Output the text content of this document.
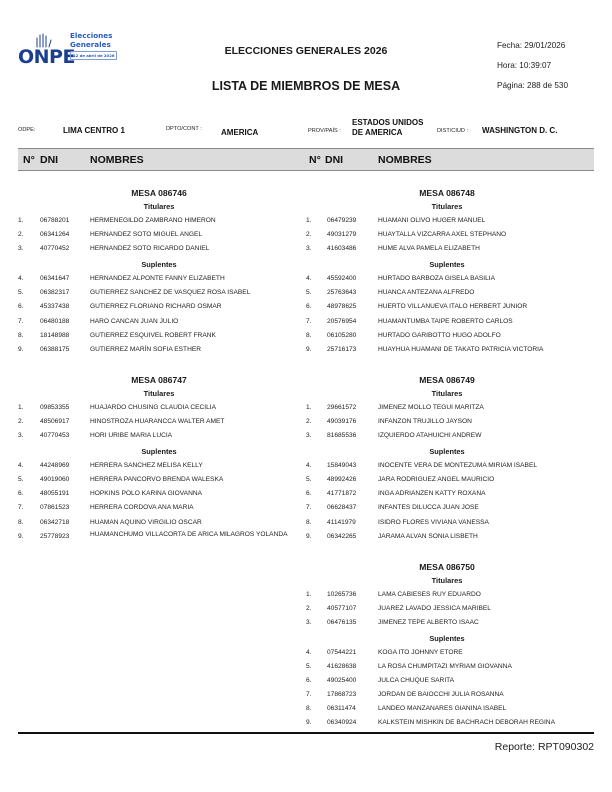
ONPE
Elecciones
Generales
12 de abril de 2026	ELECCIONES GENERALES 2026
LISTA DE MIEMBROS DE MESA
Fecha: 29/01/2026
Hora: 10:39:07
Página: 288 de 530
ODPE:	LIMA CENTRO 1	DPTO/CONT : AMERICA	PROV/PAÍS :
ESTADOS UNIDOS
DE AMERICA	DIST/CIUD : WASHINGTON D. C.
N° DNI	NOMBRES	N° DNI	NOMBRES
MESA 086746
Titulares
1.	06788201	HERMENEGILDO ZAMBRANO HIMERON
2.	06341264	HERNANDEZ SOTO MIGUEL ANGEL
3.	40770452	HERNANDEZ SOTO RICARDO DANIEL
Suplentes
4.	06341647	HERNANDEZ ALPONTE FANNY ELIZABETH
5.	06382317	GUTIERREZ SANCHEZ DE VASQUEZ ROSA ISABEL
6.	45337438	GUTIERREZ FLORIANO RICHARD OSMAR
7.	06480188	HARO CANCAN JUAN JULIO
8.	18148988	GUTIERREZ ESQUIVEL ROBERT FRANK
9.	06388175	GUTIERREZ MARÍN SOFIA ESTHER
MESA 086747
Titulares
1.	09853355	HUAJARDO CHUSING CLAUDIA CECILIA
2.	48506917	HINOSTROZA HUARANCCA WALTER AMET
3.	40770453	HORI URIBE MARIA LUCIA
Suplentes
4.	44248969	HERRERA SANCHEZ MELISA KELLY
5.	49019060	HERRERA PANCORVO BRENDA WALESKA
6.	48055191	HOPKINS POLO KARINA GIOVANNA
7.	07861523	HERRERA CORDOVA ANA MARIA
8.	06342718	HUAMAN AQUINO VIRGILIO OSCAR
9.	25778923	HUAMANCHUMO VILLACORTA DE ARICA MILAGROS YOLANDA
MESA 086748
Titulares
1. 06479239	HUAMANI OLIVO HUGER MANUEL
2. 49031279	HUAYTALLA VIZCARRA AXEL STEPHANO
3. 41603486	HUME ALVA PAMELA ELIZABETH
Suplentes
4. 45592400	HURTADO BARBOZA GISELA BASILIA
5. 25763643	HUANCA ANTEZANA ALFREDO
6. 48978625	HUERTO VILLANUEVA ITALO HERBERT JUNIOR
7. 20576954	HUAMANTUMBA TAIPE ROBERTO CARLOS
8. 06105280	HURTADO GARIBOTTO HUGO ADOLFO
9. 25716173	HUAYHUA HUAMANI DE TAKATO PATRICIA VICTORIA
MESA 086749
Titulares
1. 29661572	JIMENEZ MOLLO TEGUI MARITZA
2. 49039176	INFANZON TRUJILLO JAYSON
3. 81685536	IZQUIERDO ATAHUICHI ANDREW
Suplentes
4. 15849043	INOCENTE VERA DE MONTEZUMA MIRIAM ISABEL
5. 48992426	JARA RODRIGUEZ ANGEL MAURICIO
6. 41771872	INGA ADRIANZEN KATTY ROXANA
7. 06628437	INFANTES DILUCCA JUAN JOSE
8. 41141979	ISIDRO FLORES VIVIANA VANESSA
9. 06342265	JARAMA ALVAN SONIA LISBETH
MESA 086750
Titulares
1. 10265736	LAMA CABIESES RUY EDUARDO
2. 40577107	JUAREZ LAVADO JESSICA MARIBEL
3. 06476135	JIMENEZ TEPE ALBERTO ISAAC
Suplentes
4. 07544221	KOGA ITO JOHNNY ETORE
5. 41628638	LA ROSA CHUMPITAZI MYRIAM GIOVANNA
6. 49025400	JULCA CHUQUE SARITA
7. 17868723	JORDAN DE BAIOCCHI JULIA ROSANNA
8. 06311474	LANDEO MANZANARES GIANINA ISABEL
9. 06340924	KALKSTEIN MISHKIN DE BACHRACH DEBORAH REGINA
Reporte: RPT090302
